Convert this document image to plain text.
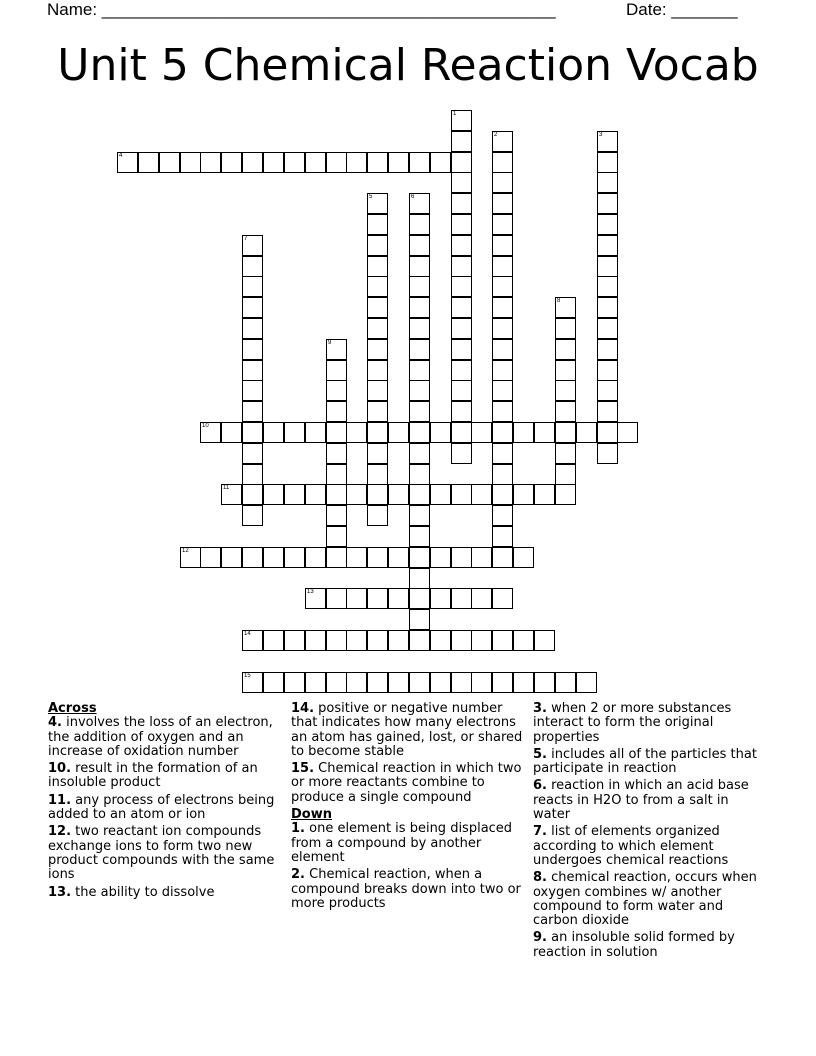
Name: ________________________________________________	Date: _______
Unit 5 Chemical Reaction Vocab
1
2	3
4
5	6
7
8
9
10
11
12
13
14
15
Across
4. involves the loss of an electron, the addition of oxygen and an increase of oxidation number
10. result in the formation of an insoluble product
11. any process of electrons being added to an atom or ion
12. two reactant ion compounds exchange ions to form two new product compounds with the same ions
13. the ability to dissolve
14. positive or negative number that indicates how many electrons an atom has gained, lost, or shared to become stable
15. Chemical reaction in which two or more reactants combine to produce a single compound
Down
1. one element is being displaced from a compound by another element
2. Chemical reaction, when a compound breaks down into two or more products
3. when 2 or more substances interact to form the original properties
5. includes all of the particles that participate in reaction
6. reaction in which an acid base reacts in H2O to from a salt in water
7. list of elements organized according to which element undergoes chemical reactions
8. chemical reaction, occurs when oxygen combines w/ another compound to form water and carbon dioxide
9. an insoluble solid formed by reaction in solution
